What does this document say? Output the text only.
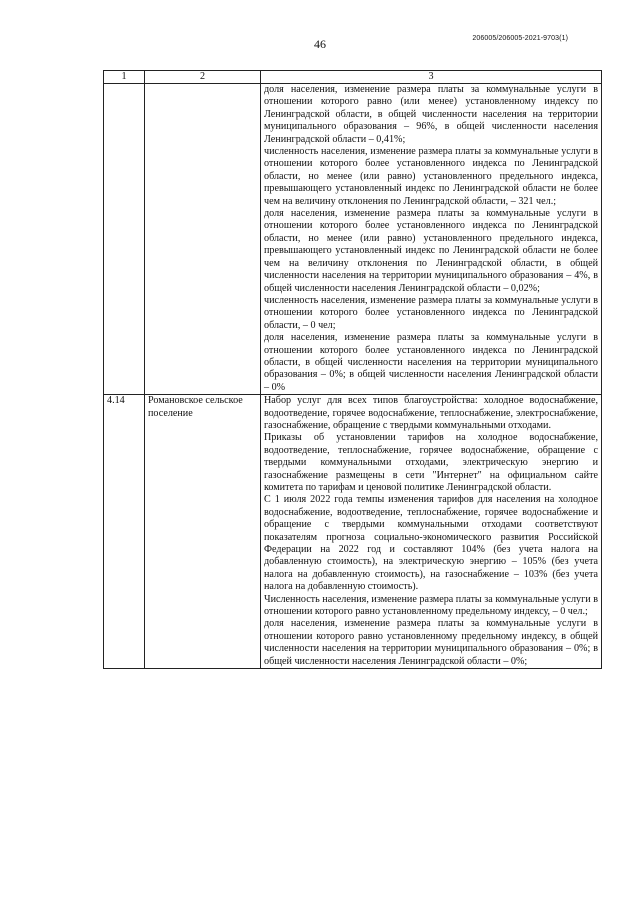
46	206005/206005-2021-9703(1)
1	2	3

		доля населения, изменение размера платы за коммунальные услуги в отношении которого равно (или менее) установленному индексу по Ленинградской области, в общей численности населения на территории муниципального образования – 96%, в общей численности населения Ленинградской области – 0,41%;
численность населения, изменение размера платы за коммунальные услуги в отношении которого более установленного индекса по Ленинградской области, но менее (или равно) установленного предельного индекса, превышающего установленный индекс по Ленинградской области не более чем на величину отклонения по Ленинградской области, – 321 чел.;
доля населения, изменение размера платы за коммунальные услуги в отношении которого более установленного индекса по Ленинградской области, но менее (или равно) установленного предельного индекса, превышающего установленный индекс по Ленинградской области не более чем на величину отклонения по Ленинградской области, в общей численности населения на территории муниципального образования – 4%, в общей численности населения Ленинградской области – 0,02%;
численность населения, изменение размера платы за коммунальные услуги в отношении которого более установленного индекса по Ленинградской области, – 0 чел;
доля населения, изменение размера платы за коммунальные услуги в отношении которого более установленного индекса по Ленинградской области, в общей численности населения на территории муниципального образования – 0%; в общей численности населения Ленинградской области – 0%

4.14	Романовское сельское поселение	Набор услуг для всех типов благоустройства: холодное водоснабжение, водоотведение, горячее водоснабжение, теплоснабжение, электроснабжение, газоснабжение, обращение с твердыми коммунальными отходами.
Приказы об установлении тарифов на холодное водоснабжение, водоотведение, теплоснабжение, горячее водоснабжение, обращение с твердыми коммунальными отходами, электрическую энергию и газоснабжение размещены в сети "Интернет" на официальном сайте комитета по тарифам и ценовой политике Ленинградской области.
С 1 июля 2022 года темпы изменения тарифов для населения на холодное водоснабжение, водоотведение, теплоснабжение, горячее водоснабжение и обращение с твердыми коммунальными отходами соответствуют показателям прогноза социально-экономического развития Российской Федерации на 2022 год и составляют 104% (без учета налога на добавленную стоимость), на электрическую энергию – 105% (без учета налога на добавленную стоимость), на газоснабжение – 103% (без учета налога на добавленную стоимость).
Численность населения, изменение размера платы за коммунальные услуги в отношении которого равно установленному предельному индексу, – 0 чел.;
доля населения, изменение размера платы за коммунальные услуги в отношении которого равно установленному предельному индексу, в общей численности населения на территории муниципального образования – 0%; в общей численности населения Ленинградской области – 0%;
